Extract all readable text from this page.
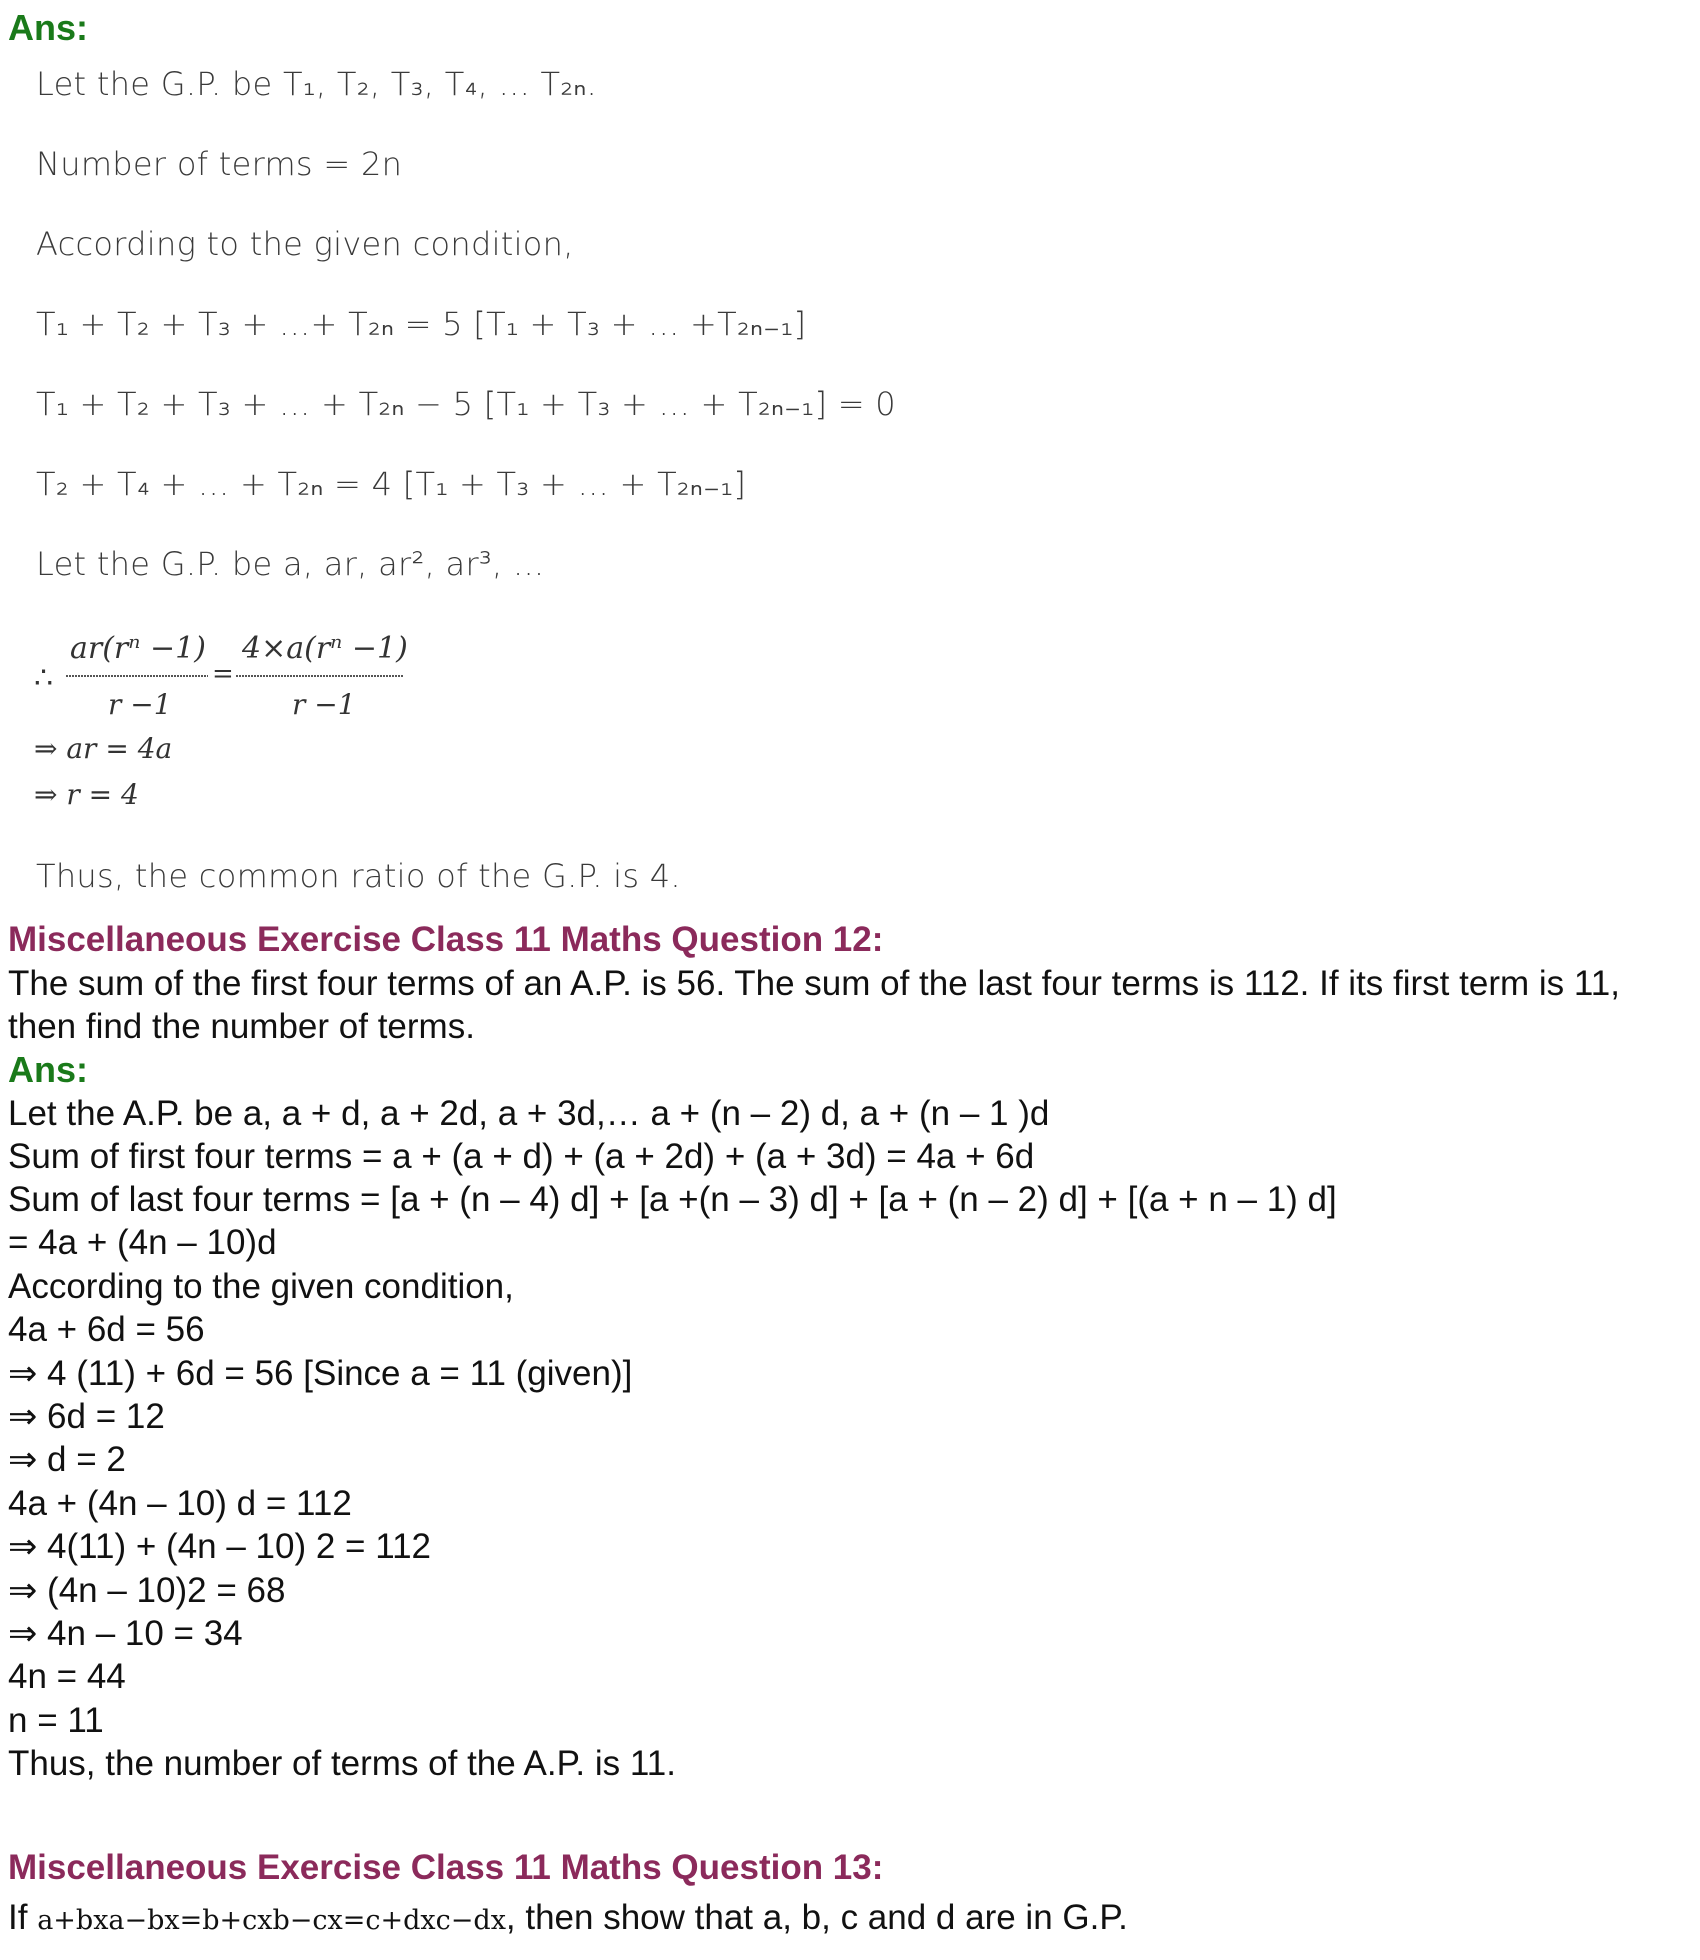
Ans:
Let the G.P. be T₁, T₂, T₃, T₄, ... T₂ₙ.
Number of terms = 2n
According to the given condition,
T₁ + T₂ + T₃ + ...+ T₂ₙ = 5 [T₁ + T₃ + ... +T₂ₙ₋₁]
T₁ + T₂ + T₃ + ... + T₂ₙ − 5 [T₁ + T₃ + ... + T₂ₙ₋₁] = 0
T₂ + T₄ + ... + T₂ₙ = 4 [T₁ + T₃ + ... + T₂ₙ₋₁]
Let the G.P. be a, ar, ar², ar³, ...
∴
ar(rⁿ −1)
r −1
=
4×a(rⁿ −1)
r −1
⇒ ar = 4a
⇒ r = 4
Thus, the common ratio of the G.P. is 4.
Miscellaneous Exercise Class 11 Maths Question 12:

The sum of the first four terms of an A.P. is 56. The sum of the last four terms is 112. If its first term is 11, then find the number of terms.

Ans:
Let the A.P. be a, a + d, a + 2d, a + 3d,… a + (n – 2) d, a + (n – 1 )d
Sum of first four terms = a + (a + d) + (a + 2d) + (a + 3d) = 4a + 6d
Sum of last four terms = [a + (n – 4) d] + [a +(n – 3) d] + [a + (n – 2) d] + [(a + n – 1) d]
= 4a + (4n – 10)d
According to the given condition,
4a + 6d = 56
⇒ 4 (11) + 6d = 56 [Since a = 11 (given)]
⇒ 6d = 12
⇒ d = 2
4a + (4n – 10) d = 112
⇒ 4(11) + (4n – 10) 2 = 112
⇒ (4n – 10)2 = 68
⇒ 4n – 10 = 34
4n = 44
n = 11
Thus, the number of terms of the A.P. is 11.
Miscellaneous Exercise Class 11 Maths Question 13:
If a+bxa−bx=b+cxb−cx=c+dxc−dx, then show that a, b, c and d are in G.P.
